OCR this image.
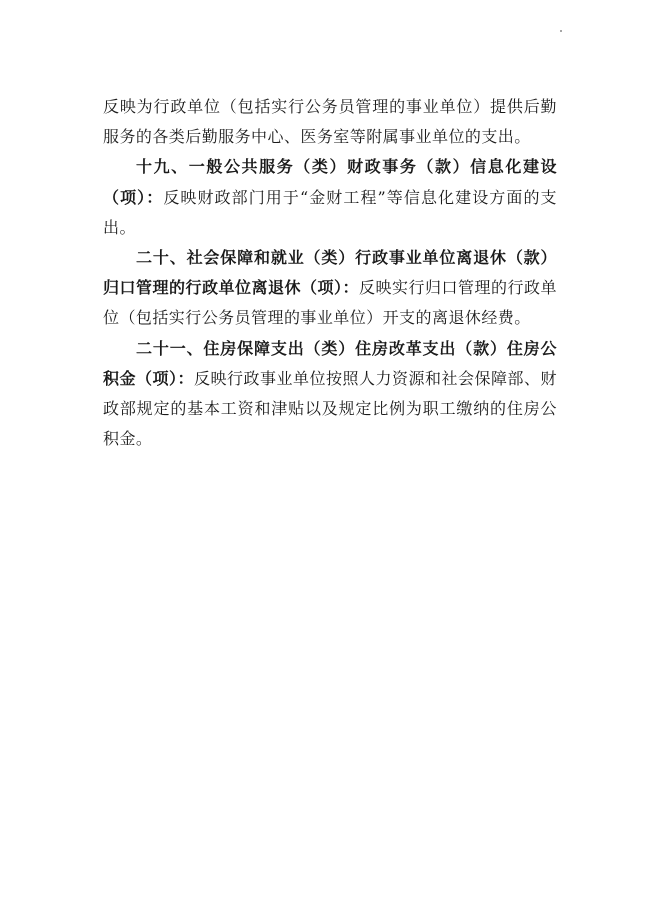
反映为行政单位（包括实行公务员管理的事业单位）提供后勤服务的各类后勤服务中心、医务室等附属事业单位的支出。

十九、一般公共服务（类）财政事务（款）信息化建设（项）：反映财政部门用于“金财工程”等信息化建设方面的支出。

二十、社会保障和就业（类）行政事业单位离退休（款）归口管理的行政单位离退休（项）：反映实行归口管理的行政单位（包括实行公务员管理的事业单位）开支的离退休经费。

二十一、住房保障支出（类）住房改革支出（款）住房公积金（项）：反映行政事业单位按照人力资源和社会保障部、财政部规定的基本工资和津贴以及规定比例为职工缴纳的住房公积金。
